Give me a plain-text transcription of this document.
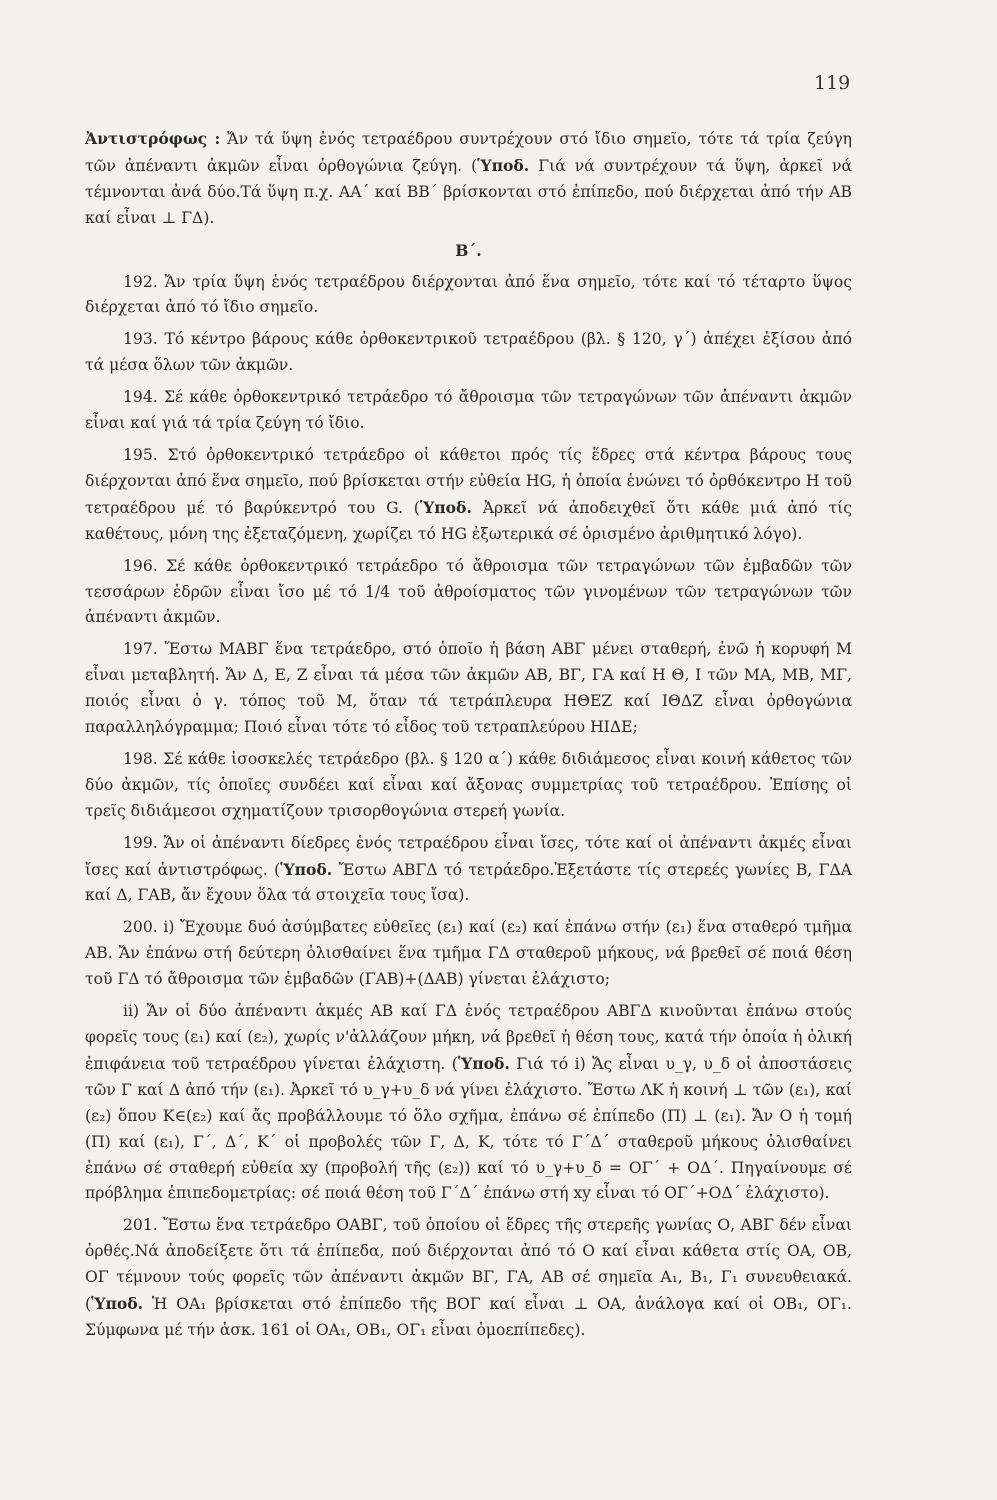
119

Ἀντιστρόφως : Ἄν τά ὕψη ἑνός τετραέδρου συντρέχουν στό ἴδιο σημεῖο, τότε τά τρία ζεύγη τῶν ἀπέναντι ἀκμῶν εἶναι ὀρθογώνια ζεύγη. (Ὑποδ. Γιά νά συντρέχουν τά ὕψη, ἀρκεῖ νά τέμνονται ἀνά δύο.Τά ὕψη π.χ. ΑΑ΄ καί ΒΒ΄ βρίσκονται στό ἐπίπεδο, πού διέρχεται ἀπό τήν ΑΒ καί εἶναι ⊥ ΓΔ).

Β΄.

192. Ἄν τρία ὕψη ἑνός τετραέδρου διέρχονται ἀπό ἕνα σημεῖο, τότε καί τό τέταρτο ὕψος διέρχεται ἀπό τό ἴδιο σημεῖο.

193. Τό κέντρο βάρους κάθε ὀρθοκεντρικοῦ τετραέδρου (βλ. § 120, γ΄) ἀπέχει ἐξίσου ἀπό τά μέσα ὅλων τῶν ἀκμῶν.

194. Σέ κάθε ὀρθοκεντρικό τετράεδρο τό ἄθροισμα τῶν τετραγώνων τῶν ἀπέναντι ἀκμῶν εἶναι καί γιά τά τρία ζεύγη τό ἴδιο.

195. Στό ὀρθοκεντρικό τετράεδρο οἱ κάθετοι πρός τίς ἕδρες στά κέντρα βάρους τους διέρχονται ἀπό ἕνα σημεῖο, πού βρίσκεται στήν εὐθεία HG, ἡ ὁποία ἑνώνει τό ὀρθόκεντρο H τοῦ τετραέδρου μέ τό βαρύκεντρό του G. (Ὑποδ. Ἀρκεῖ νά ἀποδειχθεῖ ὅτι κάθε μιά ἀπό τίς καθέτους, μόνη της ἐξεταζόμενη, χωρίζει τό HG ἐξωτερικά σέ ὁρισμένο ἀριθμητικό λόγο).

196. Σέ κάθε ὀρθοκεντρικό τετράεδρο τό ἄθροισμα τῶν τετραγώνων τῶν ἐμβαδῶν τῶν τεσσάρων ἑδρῶν εἶναι ἴσο μέ τό 1/4 τοῦ ἀθροίσματος τῶν γινομένων τῶν τετραγώνων τῶν ἀπέναντι ἀκμῶν.

197. Ἔστω ΜΑΒΓ ἕνα τετράεδρο, στό ὁποῖο ἡ βάση ΑΒΓ μένει σταθερή, ἐνῶ ἡ κορυφή Μ εἶναι μεταβλητή. Ἄν Δ, Ε, Ζ εἶναι τά μέσα τῶν ἀκμῶν ΑΒ, ΒΓ, ΓΑ καί Η Θ, Ι τῶν ΜΑ, ΜΒ, ΜΓ, ποιός εἶναι ὁ γ. τόπος τοῦ Μ, ὅταν τά τετράπλευρα ΗΘΕΖ καί ΙΘΔΖ εἶναι ὀρθογώνια παραλληλόγραμμα; Ποιό εἶναι τότε τό εἶδος τοῦ τετραπλεύρου ΗΙΔΕ;

198. Σέ κάθε ἰσοσκελές τετράεδρο (βλ. § 120 α΄) κάθε διδιάμεσος εἶναι κοινή κάθετος τῶν δύο ἀκμῶν, τίς ὁποῖες συνδέει καί εἶναι καί ἄξονας συμμετρίας τοῦ τετραέδρου. Ἐπίσης οἱ τρεῖς διδιάμεσοι σχηματίζουν τρισορθογώνια στερεή γωνία.

199. Ἄν οἱ ἀπέναντι δίεδρες ἑνός τετραέδρου εἶναι ἴσες, τότε καί οἱ ἀπέναντι ἀκμές εἶναι ἴσες καί ἀντιστρόφως. (Ὑποδ. Ἔστω ΑΒΓΔ τό τετράεδρο.Ἐξετάστε τίς στερεές γωνίες Β, ΓΔΑ καί Δ, ΓΑΒ, ἄν ἔχουν ὅλα τά στοιχεῖα τους ἴσα).

200. i) Ἔχουμε δυό ἀσύμβατες εὐθεῖες (ε₁) καί (ε₂) καί ἐπάνω στήν (ε₁) ἕνα σταθερό τμῆμα ΑΒ. Ἄν ἐπάνω στή δεύτερη ὀλισθαίνει ἕνα τμῆμα ΓΔ σταθεροῦ μήκους, νά βρεθεῖ σέ ποιά θέση τοῦ ΓΔ τό ἄθροισμα τῶν ἐμβαδῶν (ΓΑΒ)+(ΔΑΒ) γίνεται ἐλάχιστο;

ii) Ἄν οἱ δύο ἀπέναντι ἀκμές ΑΒ καί ΓΔ ἑνός τετραέδρου ΑΒΓΔ κινοῦνται ἐπάνω στούς φορεῖς τους (ε₁) καί (ε₂), χωρίς ν'ἀλλάζουν μήκη, νά βρεθεῖ ἡ θέση τους, κατά τήν ὁποία ἡ ὁλική ἐπιφάνεια τοῦ τετραέδρου γίνεται ἐλάχιστη. (Ὑποδ. Γιά τό i) Ἄς εἶναι υ_γ, υ_δ οἱ ἀποστάσεις τῶν Γ καί Δ ἀπό τήν (ε₁). Ἀρκεῖ τό υ_γ+υ_δ νά γίνει ἐλάχιστο. Ἔστω ΛΚ ἡ κοινή ⊥ τῶν (ε₁), καί (ε₂) ὅπου Κ∈(ε₂) καί ἄς προβάλλουμε τό ὅλο σχῆμα, ἐπάνω σέ ἐπίπεδο (Π) ⊥ (ε₁). Ἄν Ο ἡ τομή (Π) καί (ε₁), Γ΄, Δ΄, Κ΄ οἱ προβολές τῶν Γ, Δ, Κ, τότε τό Γ΄Δ΄ σταθεροῦ μήκους ὀλισθαίνει ἐπάνω σέ σταθερή εὐθεία xy (προβολή τῆς (ε₂)) καί τό υ_γ+υ_δ = ΟΓ΄ + ΟΔ΄. Πηγαίνουμε σέ πρόβλημα ἐπιπεδομετρίας: σέ ποιά θέση τοῦ Γ΄Δ΄ ἐπάνω στή xy εἶναι τό ΟΓ΄+ΟΔ΄ ἐλάχιστο).

201. Ἔστω ἕνα τετράεδρο ΟΑΒΓ, τοῦ ὁποίου οἱ ἕδρες τῆς στερεῆς γωνίας Ο, ΑΒΓ δέν εἶναι ὀρθές.Νά ἀποδείξετε ὅτι τά ἐπίπεδα, πού διέρχονται ἀπό τό Ο καί εἶναι κάθετα στίς ΟΑ, ΟΒ, ΟΓ τέμνουν τούς φορεῖς τῶν ἀπέναντι ἀκμῶν ΒΓ, ΓΑ, ΑΒ σέ σημεῖα Α₁, Β₁, Γ₁ συνευθειακά. (Ὑποδ. Ἡ ΟΑ₁ βρίσκεται στό ἐπίπεδο τῆς ΒΟΓ καί εἶναι ⊥ ΟΑ, ἀνάλογα καί οἱ ΟΒ₁, ΟΓ₁. Σύμφωνα μέ τήν ἀσκ. 161 οἱ ΟΑ₁, ΟΒ₁, ΟΓ₁ εἶναι ὁμοεπίπεδες).
